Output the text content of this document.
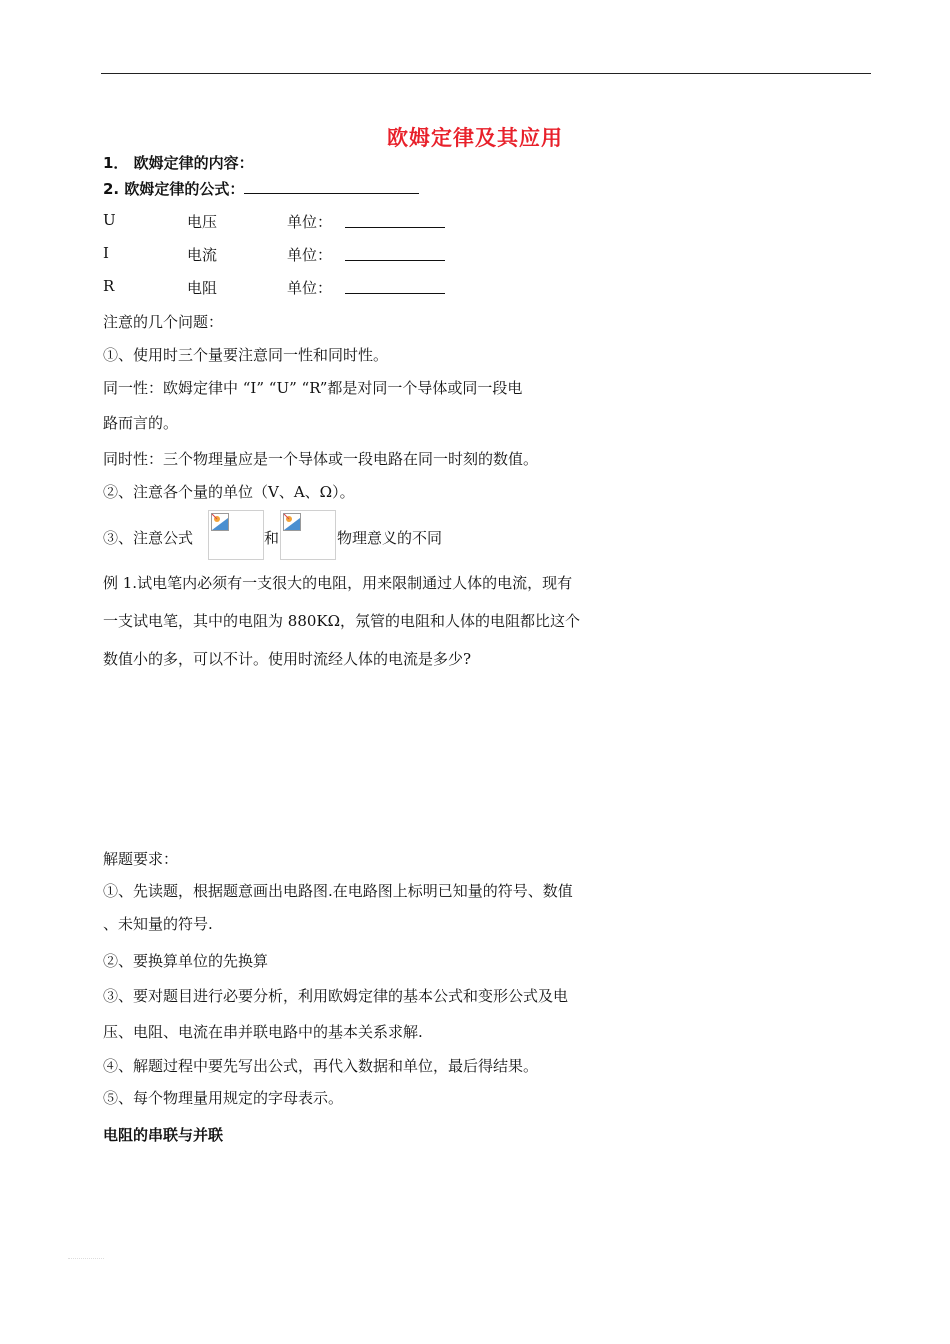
欧姆定律及其应用
1． 欧姆定律的内容：
2. 欧姆定律的公式：
U	电压	单位：
I	电流	单位：
R	电阻	单位：
注意的几个问题：
①、使用时三个量要注意同一性和同时性。
同一性：欧姆定律中 “I” “U” “R”都是对同一个导体或同一段电
路而言的。
同时性：三个物理量应是一个导体或一段电路在同一时刻的数值。
②、注意各个量的单位（V、A、Ω）。
③、注意公式	和	物理意义的不同
例 1.试电笔内必须有一支很大的电阻，用来限制通过人体的电流，现有
一支试电笔，其中的电阻为 880KΩ，氖管的电阻和人体的电阻都比这个
数值小的多，可以不计。使用时流经人体的电流是多少?
解题要求：
①、先读题，根据题意画出电路图.在电路图上标明已知量的符号、数值
、未知量的符号.
②、要换算单位的先换算
③、要对题目进行必要分析，利用欧姆定律的基本公式和变形公式及电
压、电阻、电流在串并联电路中的基本关系求解.
④、解题过程中要先写出公式，再代入数据和单位，最后得结果。
⑤、每个物理量用规定的字母表示。
电阻的串联与并联
